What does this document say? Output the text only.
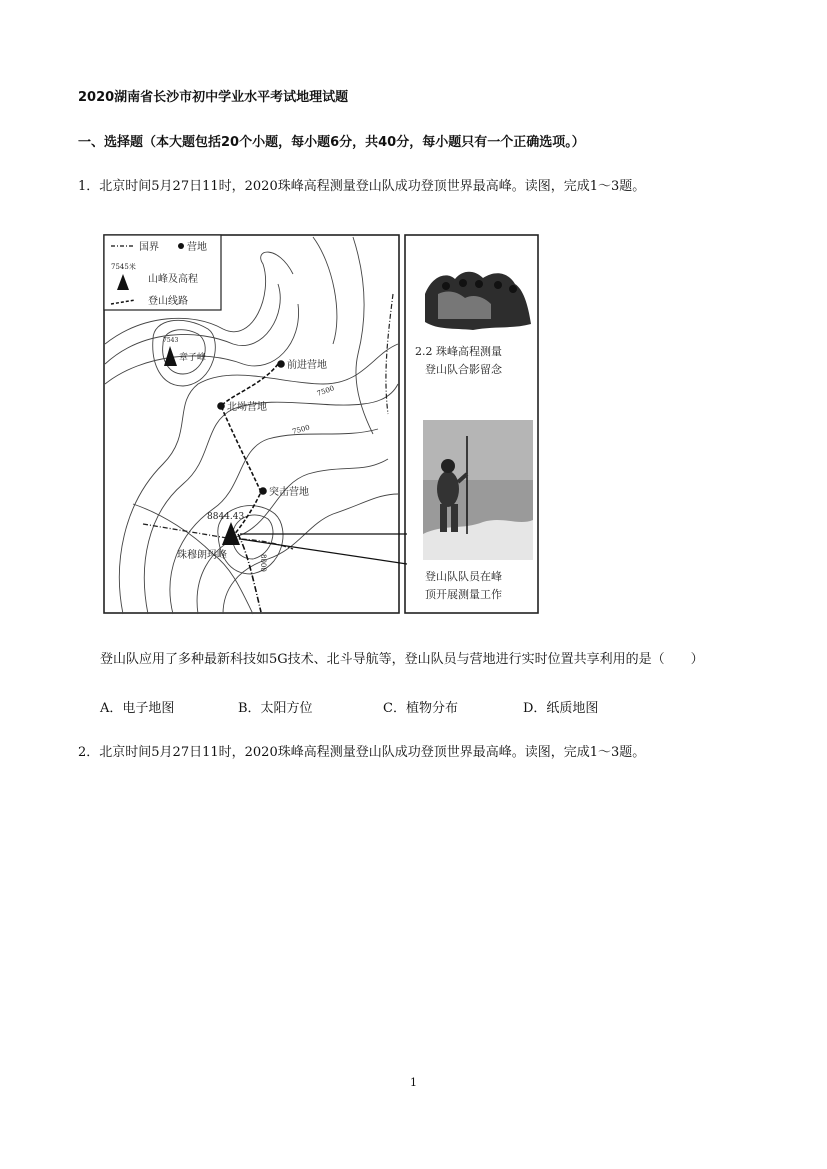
2020湖南省长沙市初中学业水平考试地理试题
一、选择题（本大题包括20个小题，每小题6分，共40分，每小题只有一个正确选项。）
1．北京时间5月27日11时，2020珠峰高程测量登山队成功登顶世界最高峰。读图，完成1～3题。
国界	营地
7545米
山峰及高程
登山线路
7543
章子峰
前进营地
北坳营地
突击营地
8844.43
珠穆朗玛峰
7500
7500
8000
2.2 珠峰高程测量
登山队合影留念
登山队队员在峰
顶开展测量工作
登山队应用了多种最新科技如5G技术、北斗导航等，登山队员与营地进行实时位置共享利用的是（　　）
A．电子地图	B．太阳方位	C．植物分布	D．纸质地图
2．北京时间5月27日11时，2020珠峰高程测量登山队成功登顶世界最高峰。读图，完成1～3题。
1
